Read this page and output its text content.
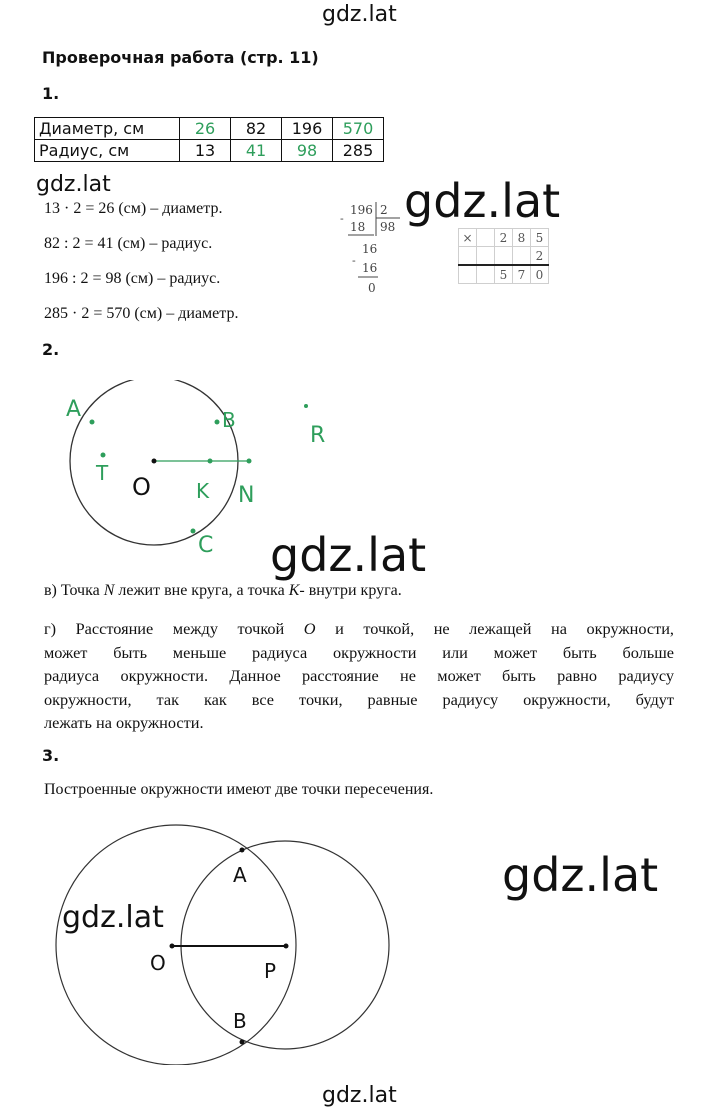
gdz.lat
gdz.lat	gdz.lat
gdz.lat
gdz.lat
gdz.lat
gdz.lat
Проверочная работа (стр. 11)
1.
Диаметр, см	26	82	196	570
Радиус, см	13	41	98	285
13 · 2 = 26 (см) – диаметр.
82 : 2 = 41 (см) – радиус.
196 : 2 = 98 (см) – радиус.
285 · 2 = 570 (см) – диаметр.
196 2
98
18
16
16
0
-
-
×		2	8	5
				2
		5	7	0
2.
A	B
C
T O K N
R
в) Точка N лежит вне круга, а точка K- внутри круга.
г) Расстояние между точкой O и точкой, не лежащей на окружности,
может быть меньше радиуса окружности или может быть больше
радиуса окружности. Данное расстояние не может быть равно радиусу
окружности, так как все точки, равные радиусу окружности, будут
лежать на окружности.
3.
Построенные окружности имеют две точки пересечения.
A
B
O	P
